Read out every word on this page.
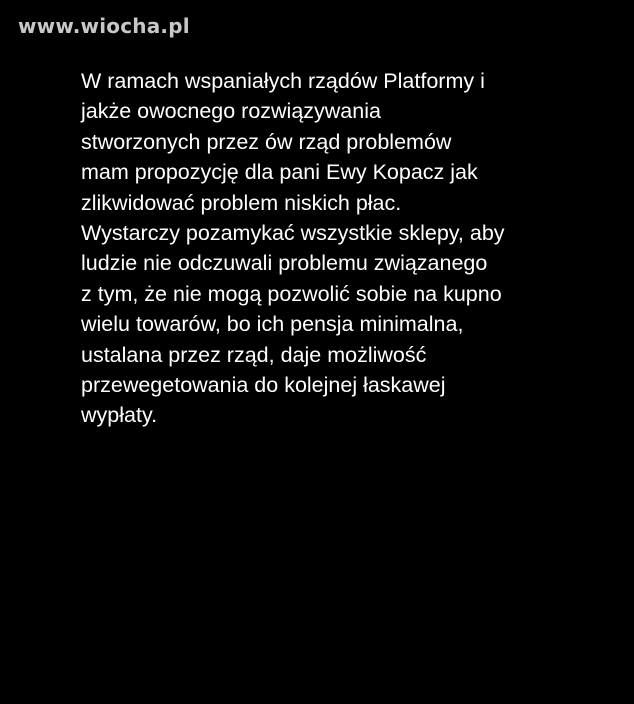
www.wiocha.pl
W ramach wspaniałych rządów Platformy i
jakże owocnego rozwiązywania
stworzonych przez ów rząd problemów
mam propozycję dla pani Ewy Kopacz jak
zlikwidować problem niskich płac.
Wystarczy pozamykać wszystkie sklepy, aby
ludzie nie odczuwali problemu związanego
z tym, że nie mogą pozwolić sobie na kupno
wielu towarów, bo ich pensja minimalna,
ustalana przez rząd, daje możliwość
przewegetowania do kolejnej łaskawej
wypłaty.
